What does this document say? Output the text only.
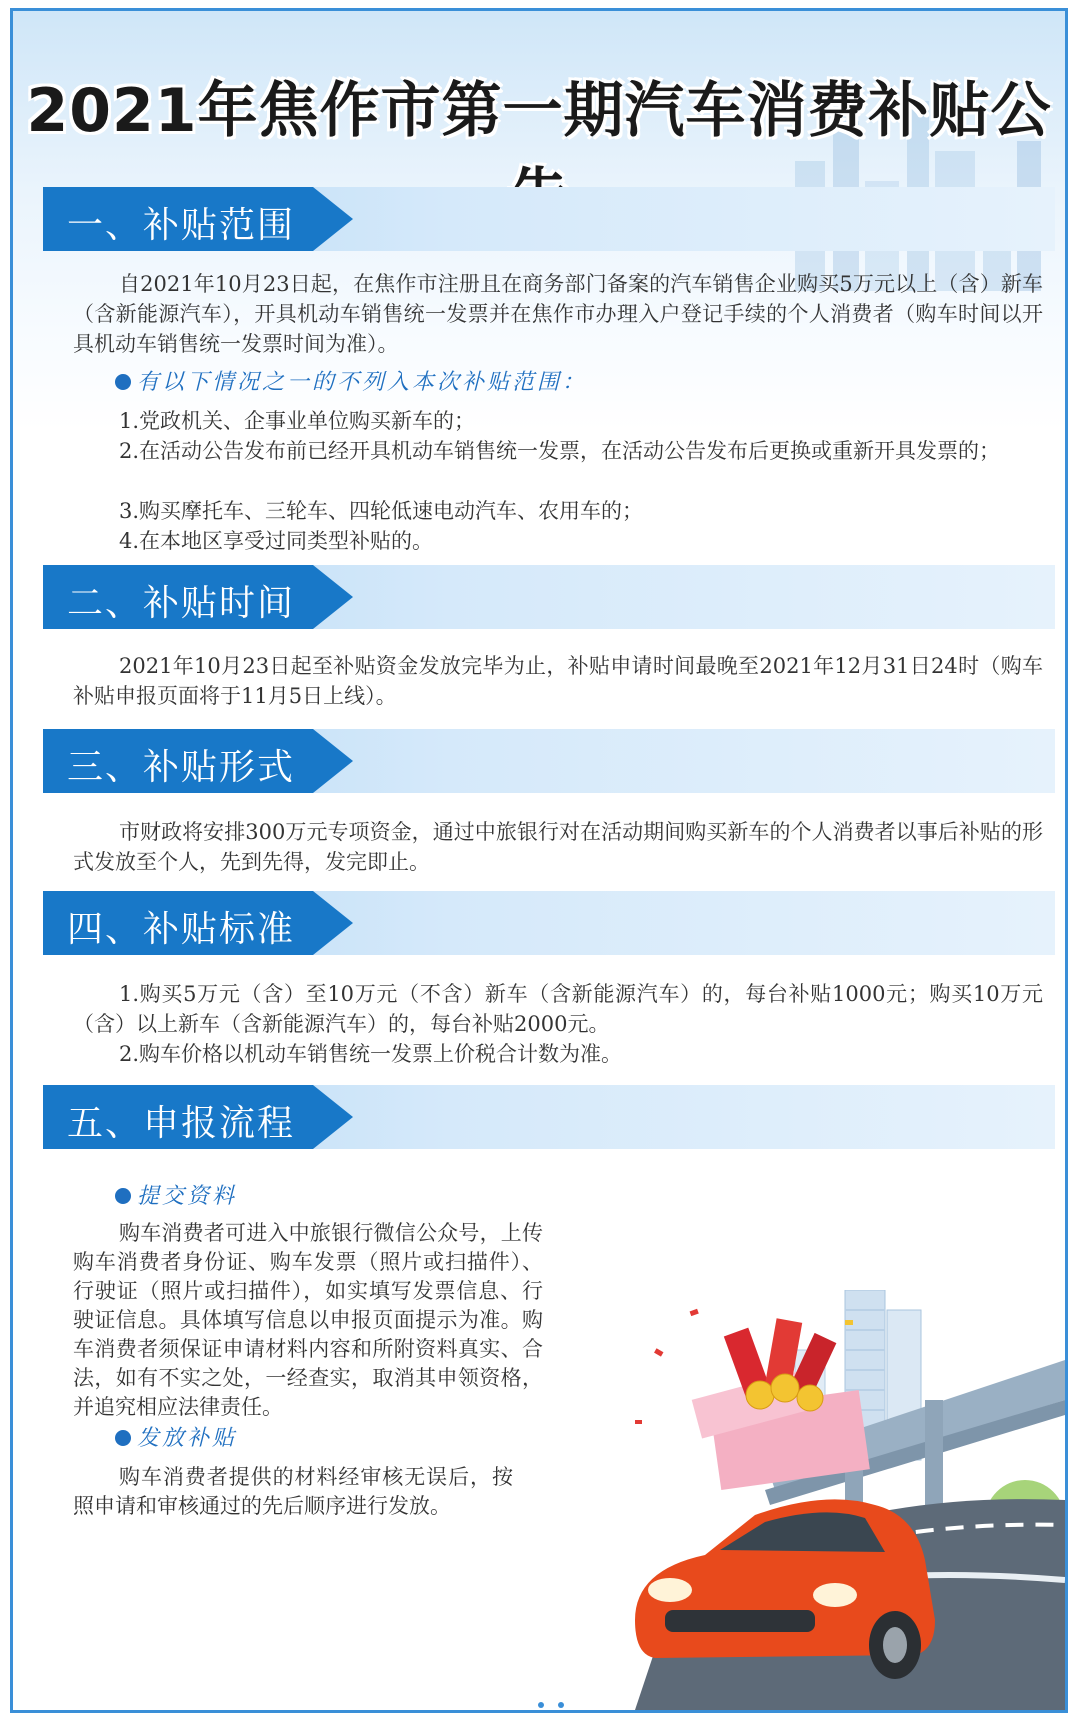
2021年焦作市第一期汽车消费补贴公
一、补贴范围
自2021年10月23日起，在焦作市注册且在商务部门备案的汽车销售企业购买5万元以上（含）新车（含新能源汽车），开具机动车销售统一发票并在焦作市办理入户登记手续的个人消费者（购车时间以开具机动车销售统一发票时间为准）。
有以下情况之一的不列入本次补贴范围：
1.党政机关、企事业单位购买新车的；
2.在活动公告发布前已经开具机动车销售统一发票，在活动公告发布后更换或重新开具发票的；
3.购买摩托车、三轮车、四轮低速电动汽车、农用车的；
4.在本地区享受过同类型补贴的。
二、补贴时间
2021年10月23日起至补贴资金发放完毕为止，补贴申请时间最晚至2021年12月31日24时（购车补贴申报页面将于11月5日上线）。
三、补贴形式
市财政将安排300万元专项资金，通过中旅银行对在活动期间购买新车的个人消费者以事后补贴的形式发放至个人，先到先得，发完即止。
四、补贴标准
1.购买5万元（含）至10万元（不含）新车（含新能源汽车）的，每台补贴1000元；购买10万元（含）以上新车（含新能源汽车）的，每台补贴2000元。
2.购车价格以机动车销售统一发票上价税合计数为准。
五、申报流程
提交资料
购车消费者可进入中旅银行微信公众号，上传购车消费者身份证、购车发票（照片或扫描件）、行驶证（照片或扫描件），如实填写发票信息、行驶证信息。具体填写信息以申报页面提示为准。购车消费者须保证申请材料内容和所附资料真实、合法，如有不实之处，一经查实，取消其申领资格，并追究相应法律责任。
发放补贴
购车消费者提供的材料经审核无误后，按照申请和审核通过的先后顺序进行发放。
